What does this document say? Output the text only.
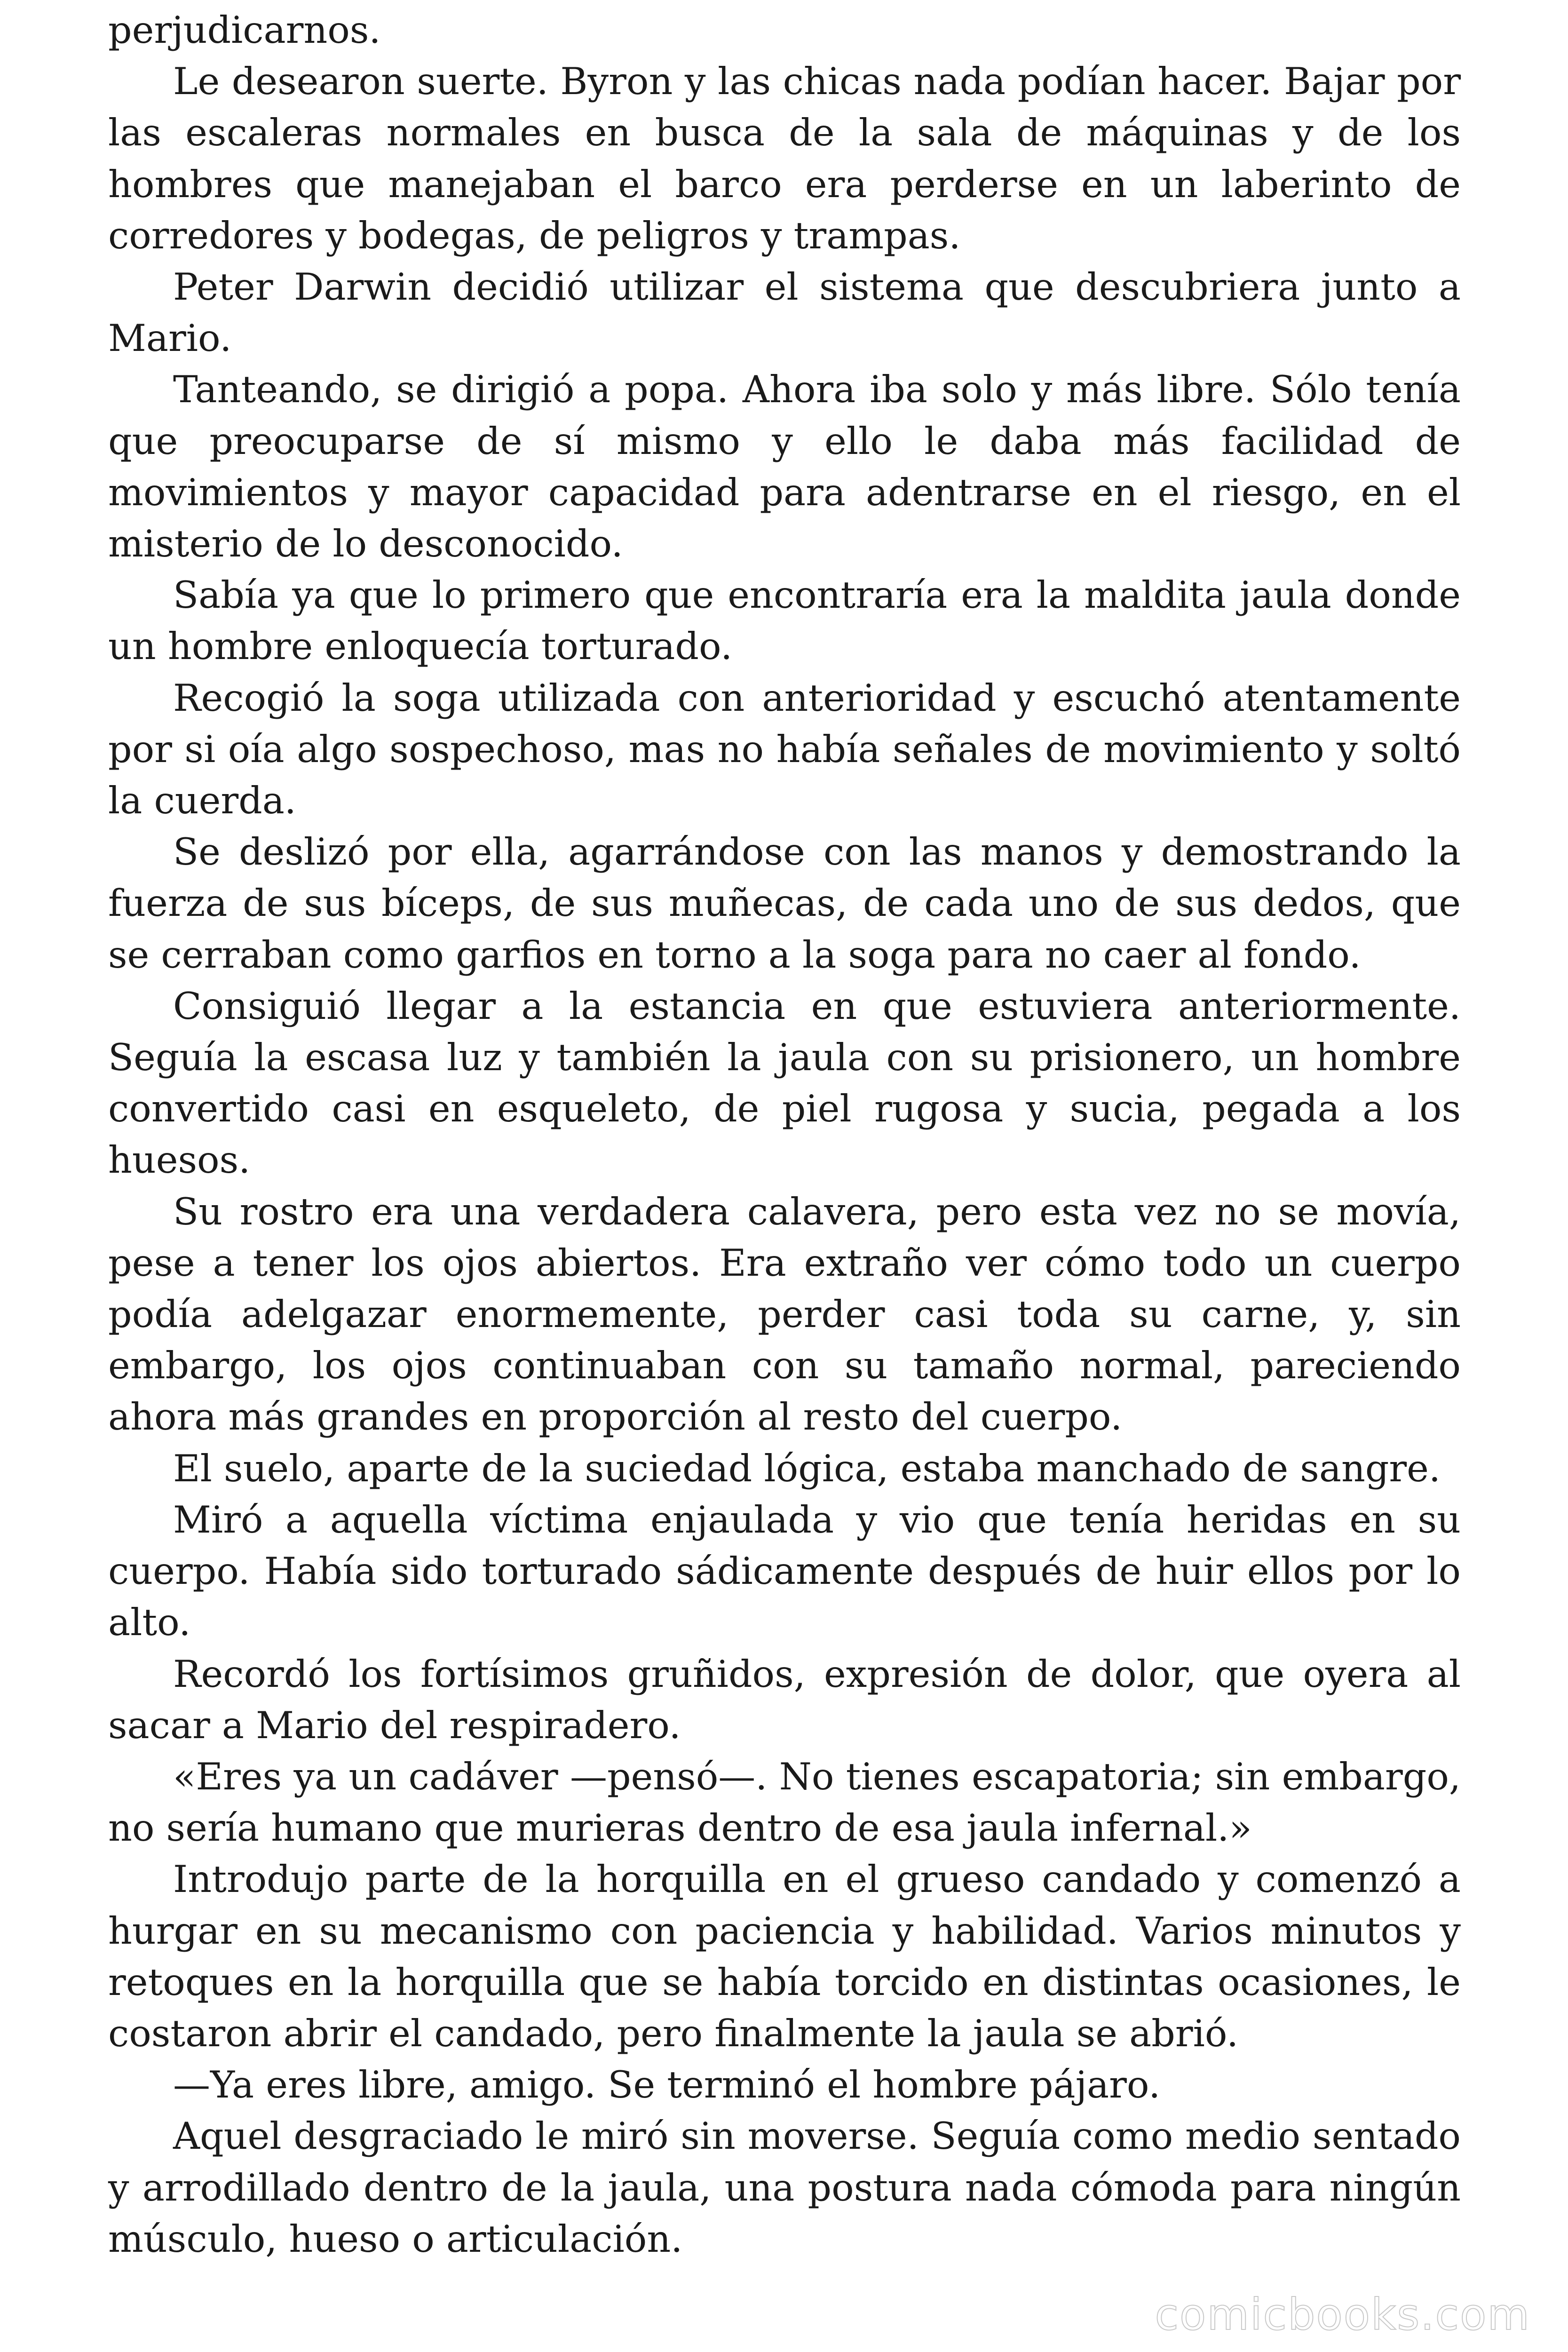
perjudicarnos.

Le desearon suerte. Byron y las chicas nada podían hacer. Bajar por las escaleras normales en busca de la sala de máquinas y de los hombres que manejaban el barco era perderse en un laberinto de corredores y bodegas, de peligros y trampas.

Peter Darwin decidió utilizar el sistema que descubriera junto a Mario.

Tanteando, se dirigió a popa. Ahora iba solo y más libre. Sólo tenía que preocuparse de sí mismo y ello le daba más facilidad de movimientos y mayor capacidad para adentrarse en el riesgo, en el misterio de lo desconocido.

Sabía ya que lo primero que encontraría era la maldita jaula donde un hombre enloquecía torturado.

Recogió la soga utilizada con anterioridad y escuchó atentamente por si oía algo sospechoso, mas no había señales de movimiento y soltó la cuerda.

Se deslizó por ella, agarrándose con las manos y demostrando la fuerza de sus bíceps, de sus muñecas, de cada uno de sus dedos, que se cerraban como garfios en torno a la soga para no caer al fondo.

Consiguió llegar a la estancia en que estuviera anteriormente. Seguía la escasa luz y también la jaula con su prisionero, un hombre convertido casi en esqueleto, de piel rugosa y sucia, pegada a los huesos.

Su rostro era una verdadera calavera, pero esta vez no se movía, pese a tener los ojos abiertos. Era extraño ver cómo todo un cuerpo podía adelgazar enormemente, perder casi toda su carne, y, sin embargo, los ojos continuaban con su tamaño normal, pareciendo ahora más grandes en proporción al resto del cuerpo.

El suelo, aparte de la suciedad lógica, estaba manchado de sangre.

Miró a aquella víctima enjaulada y vio que tenía heridas en su cuerpo. Había sido torturado sádicamente después de huir ellos por lo alto.

Recordó los fortísimos gruñidos, expresión de dolor, que oyera al sacar a Mario del respiradero.

«Eres ya un cadáver —pensó—. No tienes escapatoria; sin embargo, no sería humano que murieras dentro de esa jaula infernal.»

Introdujo parte de la horquilla en el grueso candado y comenzó a hurgar en su mecanismo con paciencia y habilidad. Varios minutos y retoques en la horquilla que se había torcido en distintas ocasiones, le costaron abrir el candado, pero finalmente la jaula se abrió.

—Ya eres libre, amigo. Se terminó el hombre pájaro.

Aquel desgraciado le miró sin moverse. Seguía como medio sentado y arrodillado dentro de la jaula, una postura nada cómoda para ningún músculo, hueso o articulación.

comicbooks.com
